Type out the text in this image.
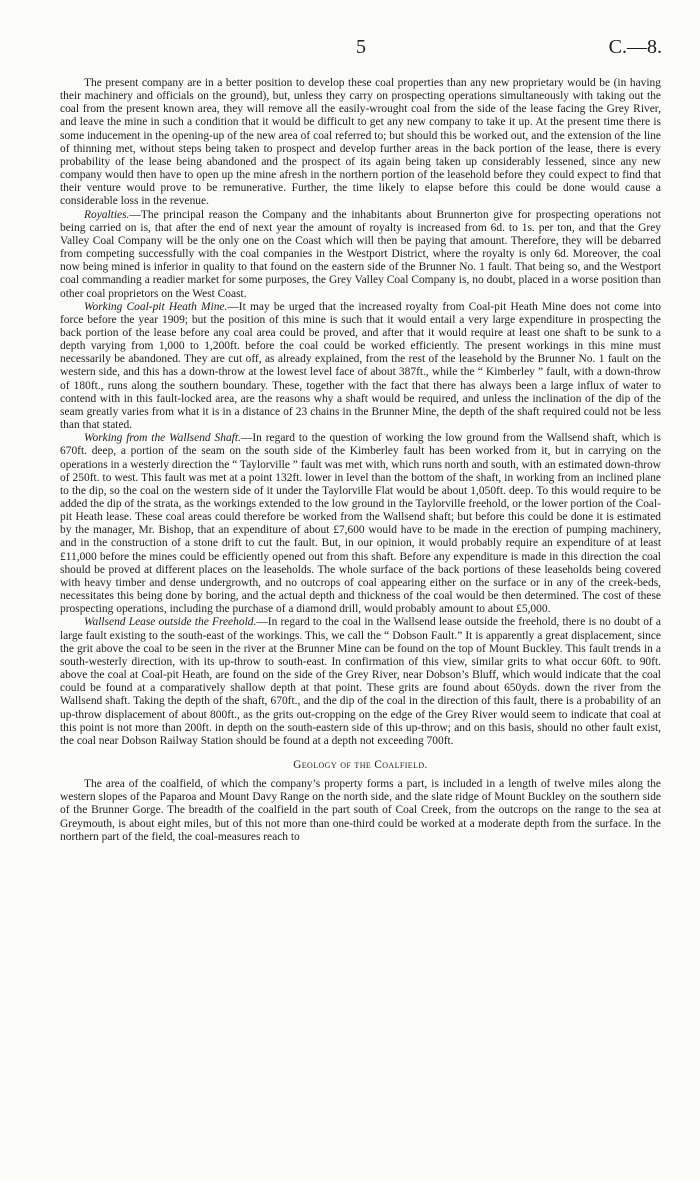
5	C.—8.

The present company are in a better position to develop these coal properties than any new proprietary would be (in having their machinery and officials on the ground), but, unless they carry on prospecting operations simultaneously with taking out the coal from the present known area, they will remove all the easily-wrought coal from the side of the lease facing the Grey River, and leave the mine in such a condition that it would be difficult to get any new company to take it up. At the present time there is some inducement in the opening-up of the new area of coal referred to; but should this be worked out, and the extension of the line of thinning met, without steps being taken to prospect and develop further areas in the back portion of the lease, there is every probability of the lease being abandoned and the prospect of its again being taken up considerably lessened, since any new company would then have to open up the mine afresh in the northern portion of the leasehold before they could expect to find that their venture would prove to be remunerative. Further, the time likely to elapse before this could be done would cause a considerable loss in the revenue.

Royalties.—The principal reason the Company and the inhabitants about Brunnerton give for prospecting operations not being carried on is, that after the end of next year the amount of royalty is increased from 6d. to 1s. per ton, and that the Grey Valley Coal Company will be the only one on the Coast which will then be paying that amount. Therefore, they will be debarred from competing successfully with the coal companies in the Westport District, where the royalty is only 6d. Moreover, the coal now being mined is inferior in quality to that found on the eastern side of the Brunner No. 1 fault. That being so, and the Westport coal commanding a readier market for some purposes, the Grey Valley Coal Company is, no doubt, placed in a worse position than other coal proprietors on the West Coast.

Working Coal-pit Heath Mine.—It may be urged that the increased royalty from Coal-pit Heath Mine does not come into force before the year 1909; but the position of this mine is such that it would entail a very large expenditure in prospecting the back portion of the lease before any coal area could be proved, and after that it would require at least one shaft to be sunk to a depth varying from 1,000 to 1,200ft. before the coal could be worked efficiently. The present workings in this mine must necessarily be abandoned. They are cut off, as already explained, from the rest of the leasehold by the Brunner No. 1 fault on the western side, and this has a down-throw at the lowest level face of about 387ft., while the “ Kimberley ” fault, with a down-throw of 180ft., runs along the southern boundary. These, together with the fact that there has always been a large influx of water to contend with in this fault-locked area, are the reasons why a shaft would be required, and unless the inclination of the dip of the seam greatly varies from what it is in a distance of 23 chains in the Brunner Mine, the depth of the shaft required could not be less than that stated.

Working from the Wallsend Shaft.—In regard to the question of working the low ground from the Wallsend shaft, which is 670ft. deep, a portion of the seam on the south side of the Kimberley fault has been worked from it, but in carrying on the operations in a westerly direction the “ Taylorville ” fault was met with, which runs north and south, with an estimated down-throw of 250ft. to west. This fault was met at a point 132ft. lower in level than the bottom of the shaft, in working from an inclined plane to the dip, so the coal on the western side of it under the Taylorville Flat would be about 1,050ft. deep. To this would require to be added the dip of the strata, as the workings extended to the low ground in the Taylorville freehold, or the lower portion of the Coal-pit Heath lease. These coal areas could therefore be worked from the Wallsend shaft; but before this could be done it is estimated by the manager, Mr. Bishop, that an expenditure of about £7,600 would have to be made in the erection of pumping machinery, and in the construction of a stone drift to cut the fault. But, in our opinion, it would probably require an expenditure of at least £11,000 before the mines could be efficiently opened out from this shaft. Before any expenditure is made in this direction the coal should be proved at different places on the leaseholds. The whole surface of the back portions of these leaseholds being covered with heavy timber and dense undergrowth, and no outcrops of coal appearing either on the surface or in any of the creek-beds, necessitates this being done by boring, and the actual depth and thickness of the coal would be then determined. The cost of these prospecting operations, including the purchase of a diamond drill, would probably amount to about £5,000.

Wallsend Lease outside the Freehold.—In regard to the coal in the Wallsend lease outside the freehold, there is no doubt of a large fault existing to the south-east of the workings. This, we call the “ Dobson Fault.” It is apparently a great displacement, since the grit above the coal to be seen in the river at the Brunner Mine can be found on the top of Mount Buckley. This fault trends in a south-westerly direction, with its up-throw to south-east. In confirmation of this view, similar grits to what occur 60ft. to 90ft. above the coal at Coal-pit Heath, are found on the side of the Grey River, near Dobson’s Bluff, which would indicate that the coal could be found at a comparatively shallow depth at that point. These grits are found about 650yds. down the river from the Wallsend shaft. Taking the depth of the shaft, 670ft., and the dip of the coal in the direction of this fault, there is a probability of an up-throw displacement of about 800ft., as the grits out-cropping on the edge of the Grey River would seem to indicate that coal at this point is not more than 200ft. in depth on the south-eastern side of this up-throw; and on this basis, should no other fault exist, the coal near Dobson Railway Station should be found at a depth not exceeding 700ft.

Geology of the Coalfield.

The area of the coalfield, of which the company’s property forms a part, is included in a length of twelve miles along the western slopes of the Paparoa and Mount Davy Range on the north side, and the slate ridge of Mount Buckley on the southern side of the Brunner Gorge. The breadth of the coalfield in the part south of Coal Creek, from the outcrops on the range to the sea at Greymouth, is about eight miles, but of this not more than one-third could be worked at a moderate depth from the surface. In the northern part of the field, the coal-measures reach to
